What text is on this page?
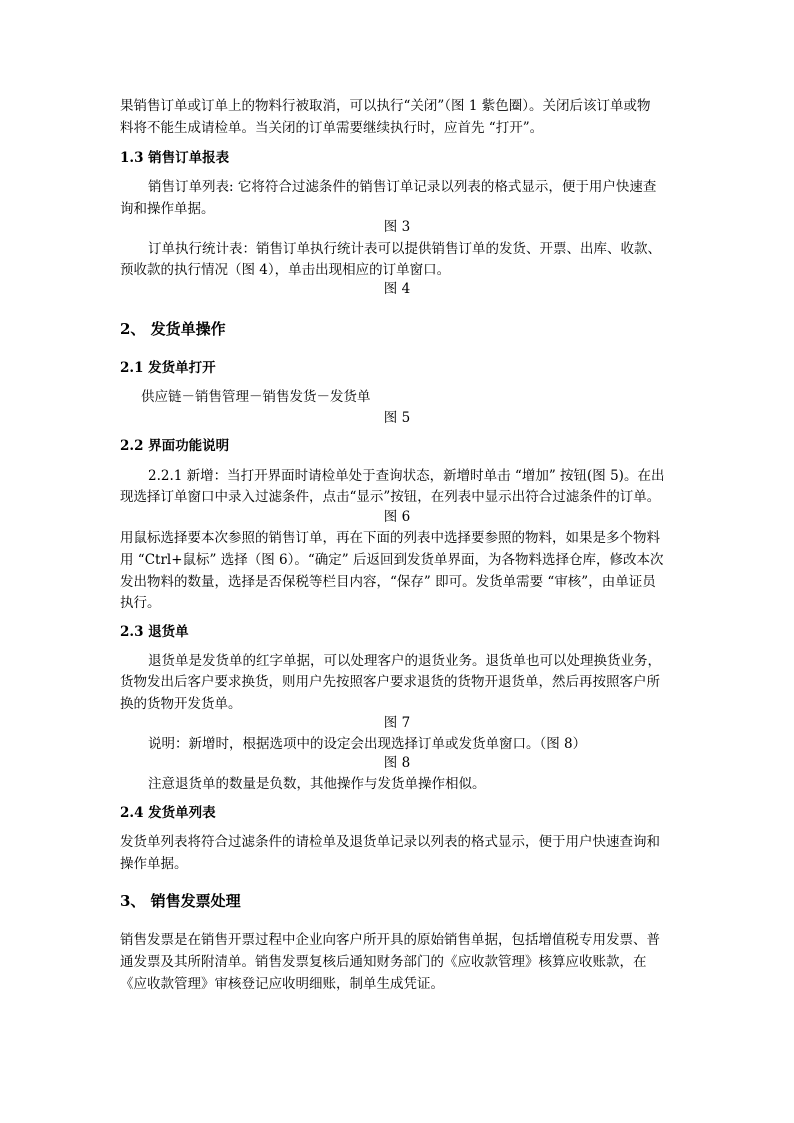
果销售订单或订单上的物料行被取消，可以执行“关闭”（图 1 紫色圈）。关闭后该订单或物
料将不能生成请检单。当关闭的订单需要继续执行时，应首先 “打开”。
1.3 销售订单报表
销售订单列表: 它将符合过滤条件的销售订单记录以列表的格式显示，便于用户快速查
询和操作单据。
图 3
订单执行统计表：销售订单执行统计表可以提供销售订单的发货、开票、出库、收款、
预收款的执行情况（图 4），单击出现相应的订单窗口。
图 4
2、 发货单操作
2.1 发货单打开
供应链－销售管理－销售发货－发货单
图 5
2.2 界面功能说明
2.2.1 新增：当打开界面时请检单处于查询状态，新增时单击 “增加” 按钮(图 5)。在出
现选择订单窗口中录入过滤条件，点击“显示”按钮，在列表中显示出符合过滤条件的订单。
图 6
用鼠标选择要本次参照的销售订单，再在下面的列表中选择要参照的物料，如果是多个物料
用 “Ctrl+鼠标” 选择（图 6）。“确定” 后返回到发货单界面，为各物料选择仓库，修改本次
发出物料的数量，选择是否保税等栏目内容，“保存” 即可。发货单需要 “审核”，由单证员
执行。
2.3 退货单
退货单是发货单的红字单据，可以处理客户的退货业务。退货单也可以处理换货业务，
货物发出后客户要求换货，则用户先按照客户要求退货的货物开退货单，然后再按照客户所
换的货物开发货单。
图 7
说明：新增时，根据选项中的设定会出现选择订单或发货单窗口。（图 8）
图 8
注意退货单的数量是负数，其他操作与发货单操作相似。
2.4 发货单列表
发货单列表将符合过滤条件的请检单及退货单记录以列表的格式显示，便于用户快速查询和
操作单据。
3、 销售发票处理
销售发票是在销售开票过程中企业向客户所开具的原始销售单据，包括增值税专用发票、普
通发票及其所附清单。销售发票复核后通知财务部门的《应收款管理》核算应收账款，在
《应收款管理》审核登记应收明细账，制单生成凭证。
